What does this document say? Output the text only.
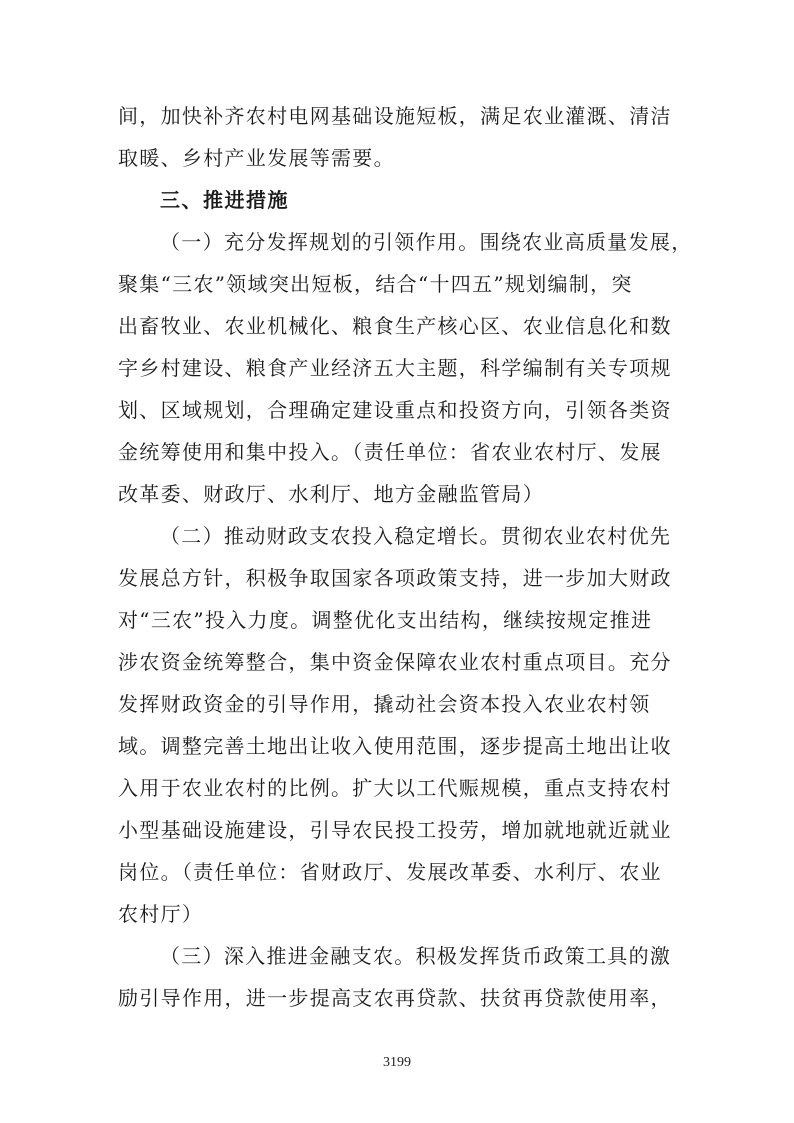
间，加快补齐农村电网基础设施短板，满足农业灌溉、清洁
取暖、乡村产业发展等需要。
三、推进措施
（一）充分发挥规划的引领作用。围绕农业高质量发展，
聚集“三农”领域突出短板，结合“十四五”规划编制，突
出畜牧业、农业机械化、粮食生产核心区、农业信息化和数
字乡村建设、粮食产业经济五大主题，科学编制有关专项规
划、区域规划，合理确定建设重点和投资方向，引领各类资
金统筹使用和集中投入。（责任单位：省农业农村厅、发展
改革委、财政厅、水利厅、地方金融监管局）
（二）推动财政支农投入稳定增长。贯彻农业农村优先
发展总方针，积极争取国家各项政策支持，进一步加大财政
对“三农”投入力度。调整优化支出结构，继续按规定推进
涉农资金统筹整合，集中资金保障农业农村重点项目。充分
发挥财政资金的引导作用，撬动社会资本投入农业农村领
域。调整完善土地出让收入使用范围，逐步提高土地出让收
入用于农业农村的比例。扩大以工代赈规模，重点支持农村
小型基础设施建设，引导农民投工投劳，增加就地就近就业
岗位。（责任单位：省财政厅、发展改革委、水利厅、农业
农村厅）
（三）深入推进金融支农。积极发挥货币政策工具的激
励引导作用，进一步提高支农再贷款、扶贫再贷款使用率，
3199
